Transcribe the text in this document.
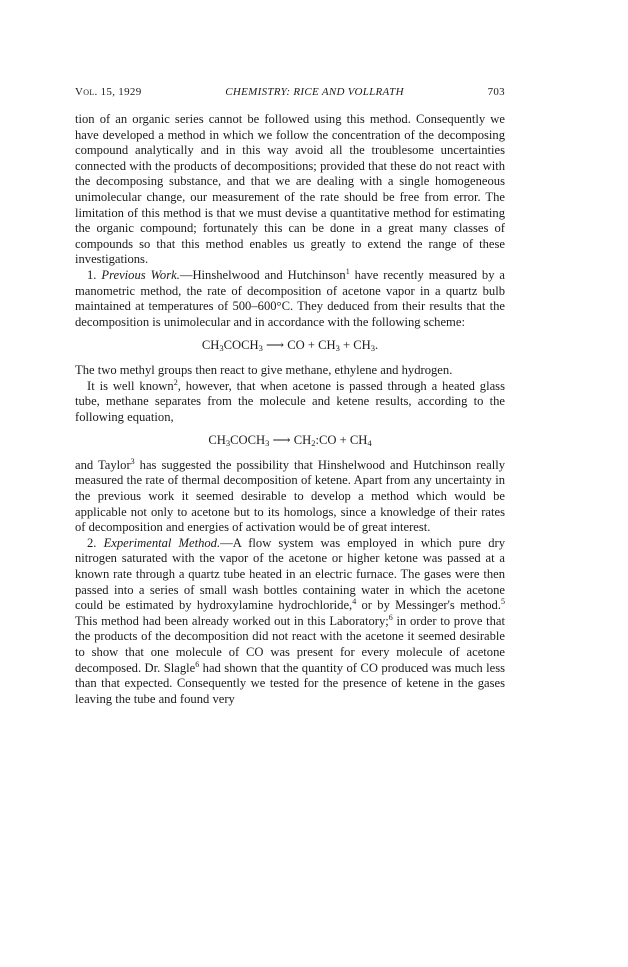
Vol. 15, 1929	CHEMISTRY: RICE AND VOLLRATH	703

tion of an organic series cannot be followed using this method. Consequently we have developed a method in which we follow the concentration of the decomposing compound analytically and in this way avoid all the troublesome uncertainties connected with the products of decompositions; provided that these do not react with the decomposing substance, and that we are dealing with a single homogeneous unimolecular change, our measurement of the rate should be free from error. The limitation of this method is that we must devise a quantitative method for estimating the organic compound; fortunately this can be done in a great many classes of compounds so that this method enables us greatly to extend the range of these investigations.

1. Previous Work.—Hinshelwood and Hutchinson$^1$ have recently measured by a manometric method, the rate of decomposition of acetone vapor in a quartz bulb maintained at temperatures of 500–600°C. They deduced from their results that the decomposition is unimolecular and in accordance with the following scheme:

$CH_3COCH_3$ ⟶ CO + $CH_3 + CH_3$.

The two methyl groups then react to give methane, ethylene and hydrogen.

It is well known$^2$, however, that when acetone is passed through a heated glass tube, methane separates from the molecule and ketene results, according to the following equation,

$CH_3COCH_3$ ⟶ $CH_2:CO + CH_4$

and Taylor$^3$ has suggested the possibility that Hinshelwood and Hutchinson really measured the rate of thermal decomposition of ketene. Apart from any uncertainty in the previous work it seemed desirable to develop a method which would be applicable not only to acetone but to its homologs, since a knowledge of their rates of decomposition and energies of activation would be of great interest.

2. Experimental Method.—A flow system was employed in which pure dry nitrogen saturated with the vapor of the acetone or higher ketone was passed at a known rate through a quartz tube heated in an electric furnace. The gases were then passed into a series of small wash bottles containing water in which the acetone could be estimated by hydroxylamine hydrochloride,$^4$ or by Messinger's method.$^5$ This method had been already worked out in this Laboratory;$^6$ in order to prove that the products of the decomposition did not react with the acetone it seemed desirable to show that one molecule of CO was present for every molecule of acetone decomposed. Dr. Slagle$^6$ had shown that the quantity of CO produced was much less than that expected. Consequently we tested for the presence of ketene in the gases leaving the tube and found very
